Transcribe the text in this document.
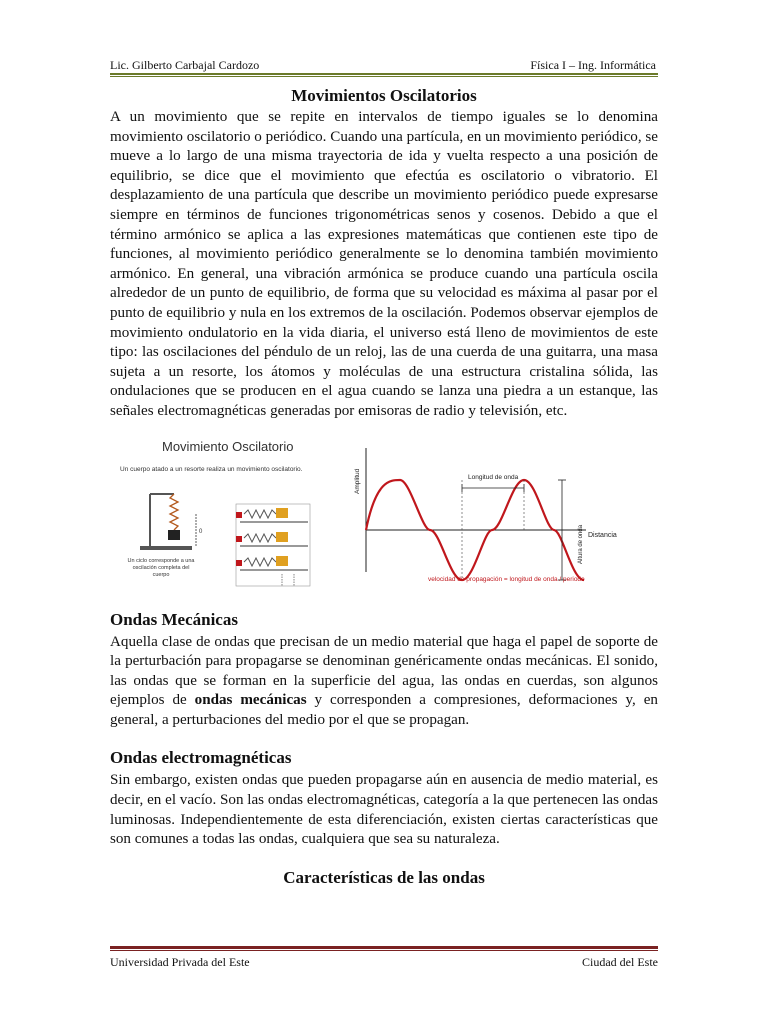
Lic. Gilberto Carbajal Cardozo	Física I – Ing. Informática
Movimientos Oscilatorios

A un movimiento que se repite en intervalos de tiempo iguales se lo denomina movimiento oscilatorio o periódico. Cuando una partícula, en un movimiento periódico, se mueve a lo largo de una misma trayectoria de ida y vuelta respecto a una posición de equilibrio, se dice que el movimiento que efectúa es oscilatorio o vibratorio. El desplazamiento de una partícula que describe un movimiento periódico puede expresarse siempre en términos de funciones trigonométricas senos y cosenos. Debido a que el término armónico se aplica a las expresiones matemáticas que contienen este tipo de funciones, al movimiento periódico generalmente se lo denomina también movimiento armónico. En general, una vibración armónica se produce cuando una partícula oscila alrededor de un punto de equilibrio, de forma que su velocidad es máxima al pasar por el punto de equilibrio y nula en los extremos de la oscilación. Podemos observar ejemplos de movimiento ondulatorio en la vida diaria, el universo está lleno de movimientos de este tipo: las oscilaciones del péndulo de un reloj, las de una cuerda de una guitarra, una masa sujeta a un resorte, los átomos y moléculas de una estructura cristalina sólida, las ondulaciones que se producen en el agua cuando se lanza una piedra a un estanque, las señales electromagnéticas generadas por emisoras de radio y televisión, etc.

Movimiento Oscilatorio
Un cuerpo atado a un resorte realiza un movimiento oscilatorio.
0
Un ciclo corresponde a una oscilación completa del cuerpo
Longitud de onda
Amplitud
Altura de onda Distancia
velocidad de propagación = longitud de onda / periodo
Ondas Mecánicas

Aquella clase de ondas que precisan de un medio material que haga el papel de soporte de la perturbación para propagarse se denominan genéricamente ondas mecánicas. El sonido, las ondas que se forman en la superficie del agua, las ondas en cuerdas, son algunos ejemplos de ondas mecánicas y corresponden a compresiones, deformaciones y, en general, a perturbaciones del medio por el que se propagan.

Ondas electromagnéticas

Sin embargo, existen ondas que pueden propagarse aún en ausencia de medio material, es decir, en el vacío. Son las ondas electromagnéticas, categoría a la que pertenecen las ondas luminosas. Independientemente de esta diferenciación, existen ciertas características que son comunes a todas las ondas, cualquiera que sea su naturaleza.

Características de las ondas
Universidad Privada del Este	Ciudad del Este
